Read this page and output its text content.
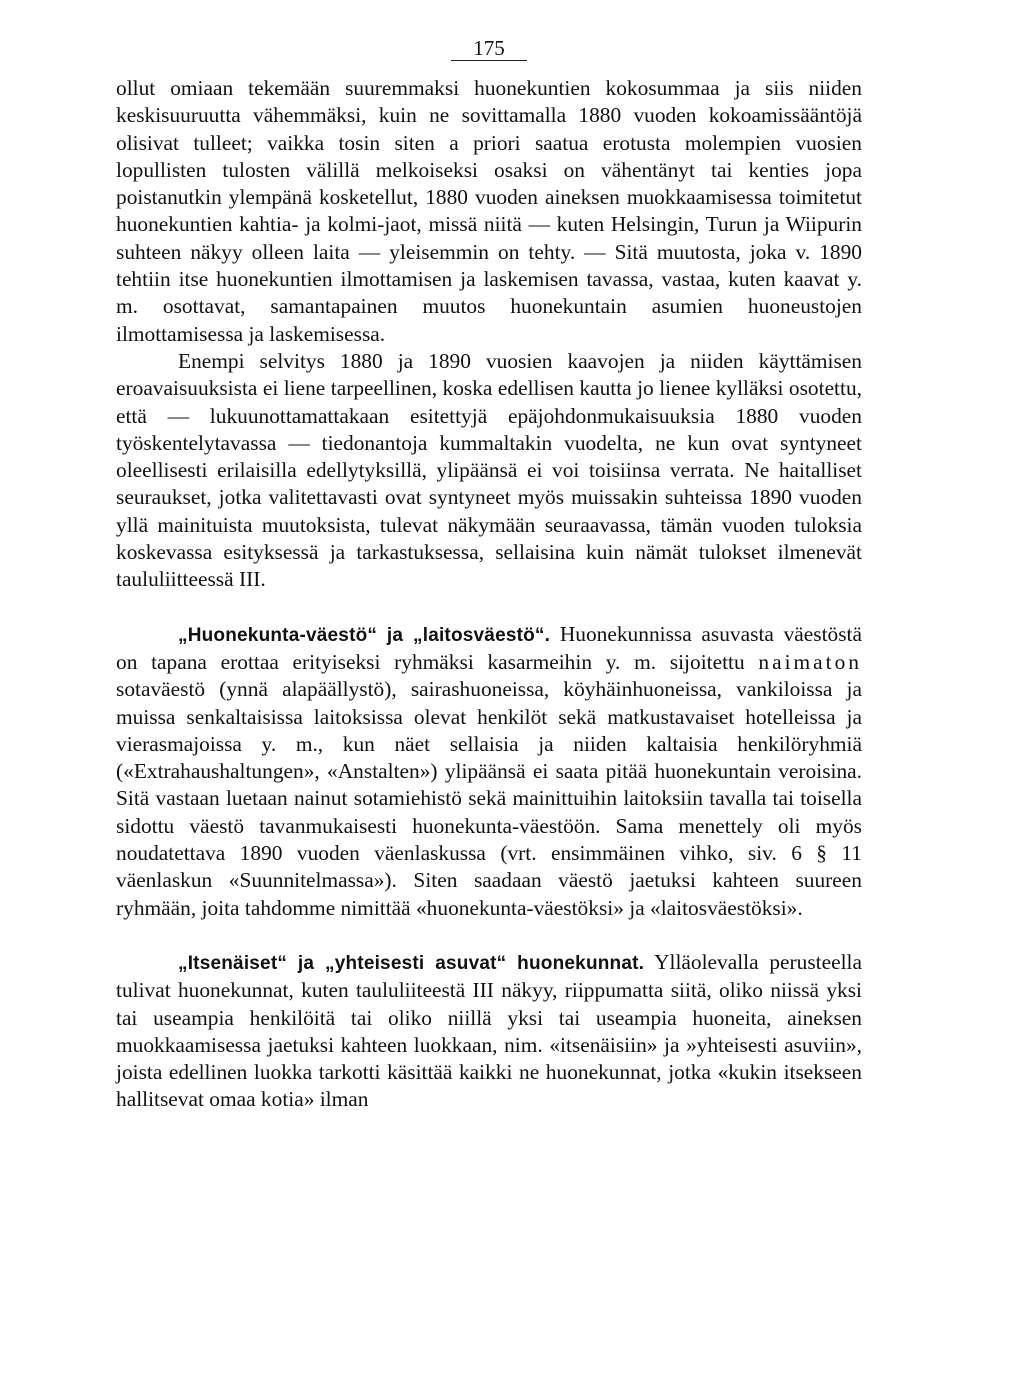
175

ollut omiaan tekemään suuremmaksi huonekuntien kokosummaa ja siis niiden keskisuuruutta vähemmäksi, kuin ne sovittamalla 1880 vuoden kokoamissääntöjä olisivat tulleet; vaikka tosin siten a priori saatua erotusta molempien vuosien lopullisten tulosten välillä melkoiseksi osaksi on vähentänyt tai kenties jopa poistanutkin ylempänä kosketellut, 1880 vuoden aineksen muokkaamisessa toimitetut huonekuntien kahtia- ja kolmi-jaot, missä niitä — kuten Helsingin, Turun ja Wiipurin suhteen näkyy olleen laita — yleisemmin on tehty. — Sitä muutosta, joka v. 1890 tehtiin itse huonekuntien ilmottamisen ja laskemisen tavassa, vastaa, kuten kaavat y. m. osottavat, samantapainen muutos huonekuntain asumien huoneustojen ilmottamisessa ja laskemisessa.

Enempi selvitys 1880 ja 1890 vuosien kaavojen ja niiden käyttämisen eroavaisuuksista ei liene tarpeellinen, koska edellisen kautta jo lienee kylläksi osotettu, että — lukuunottamattakaan esitettyjä epäjohdonmukaisuuksia 1880 vuoden työskentelytavassa — tiedonantoja kummaltakin vuodelta, ne kun ovat syntyneet oleellisesti erilaisilla edellytyksillä, ylipäänsä ei voi toisiinsa verrata. Ne haitalliset seuraukset, jotka valitettavasti ovat syntyneet myös muissakin suhteissa 1890 vuoden yllä mainituista muutoksista, tulevat näkymään seuraavassa, tämän vuoden tuloksia koskevassa esityksessä ja tarkastuksessa, sellaisina kuin nämät tulokset ilmenevät taululiitteessä III.

„Huonekunta-väestö“ ja „laitosväestö“. Huonekunnissa asuvasta väestöstä on tapana erottaa erityiseksi ryhmäksi kasarmeihin y. m. sijoitettu naimaton sotaväestö (ynnä alapäällystö), sairashuoneissa, köyhäinhuoneissa, vankiloissa ja muissa senkaltaisissa laitoksissa olevat henkilöt sekä matkustavaiset hotelleissa ja vierasmajoissa y. m., kun näet sellaisia ja niiden kaltaisia henkilöryhmiä («Extrahaushaltungen», «Anstalten») ylipäänsä ei saata pitää huonekuntain veroisina. Sitä vastaan luetaan nainut sotamiehistö sekä mainittuihin laitoksiin tavalla tai toisella sidottu väestö tavanmukaisesti huonekunta-väestöön. Sama menettely oli myös noudatettava 1890 vuoden väenlaskussa (vrt. ensimmäinen vihko, siv. 6 § 11 väenlaskun «Suunnitelmassa»). Siten saadaan väestö jaetuksi kahteen suureen ryhmään, joita tahdomme nimittää «huonekunta-väestöksi» ja «laitosväestöksi».

„Itsenäiset“ ja „yhteisesti asuvat“ huonekunnat. Ylläolevalla perusteella tulivat huonekunnat, kuten taululiiteestä III näkyy, riippumatta siitä, oliko niissä yksi tai useampia henkilöitä tai oliko niillä yksi tai useampia huoneita, aineksen muokkaamisessa jaetuksi kahteen luokkaan, nim. «itsenäisiin» ja »yhteisesti asuviin», joista edellinen luokka tarkotti käsittää kaikki ne huonekunnat, jotka «kukin itsekseen hallitsevat omaa kotia» ilman
